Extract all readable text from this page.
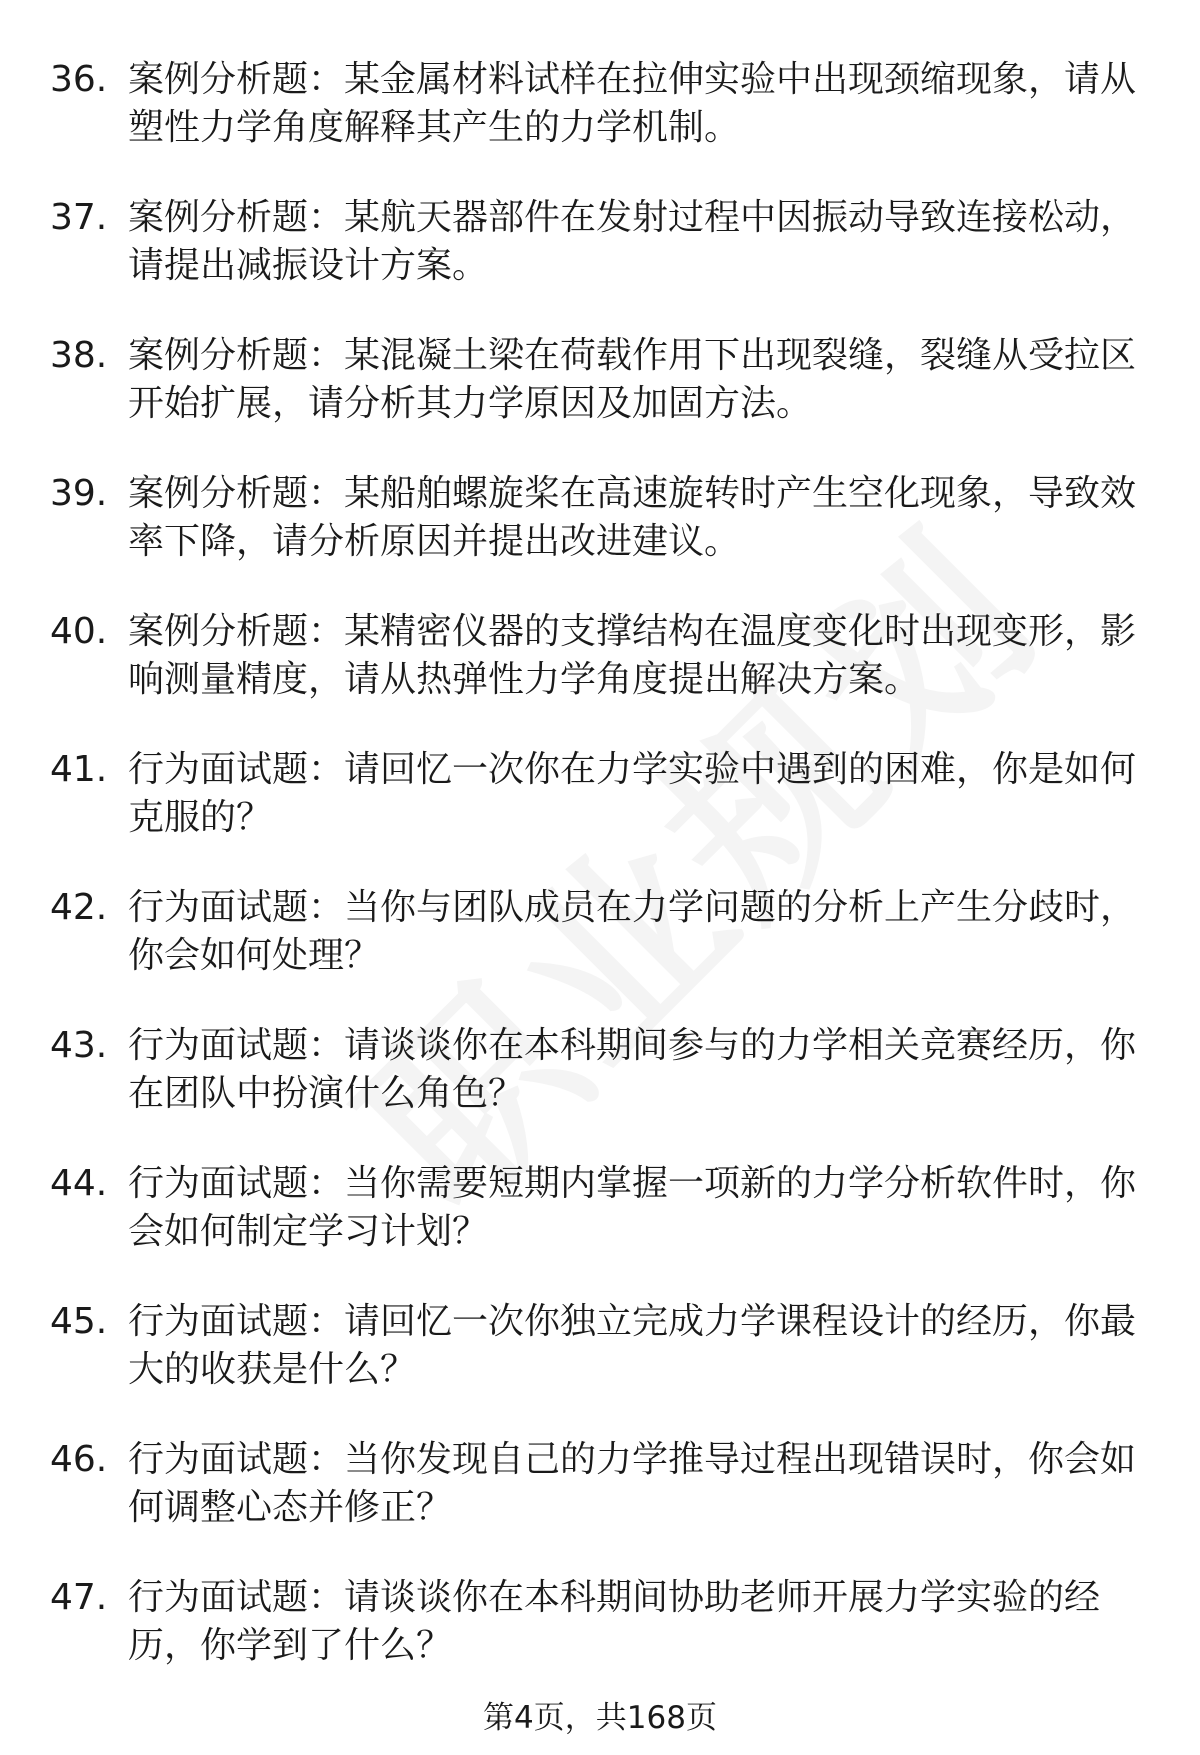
36. 案例分析题：某金属材料试样在拉伸实验中出现颈缩现象，请从塑性力学角度解释其产生的力学机制。
37. 案例分析题：某航天器部件在发射过程中因振动导致连接松动，请提出减振设计方案。
38. 案例分析题：某混凝土梁在荷载作用下出现裂缝，裂缝从受拉区开始扩展，请分析其力学原因及加固方法。
39. 案例分析题：某船舶螺旋桨在高速旋转时产生空化现象，导致效率下降，请分析原因并提出改进建议。
40. 案例分析题：某精密仪器的支撑结构在温度变化时出现变形，影响测量精度，请从热弹性力学角度提出解决方案。
41. 行为面试题：请回忆一次你在力学实验中遇到的困难，你是如何克服的？
42. 行为面试题：当你与团队成员在力学问题的分析上产生分歧时，你会如何处理？
43. 行为面试题：请谈谈你在本科期间参与的力学相关竞赛经历，你在团队中扮演什么角色？
44. 行为面试题：当你需要短期内掌握一项新的力学分析软件时，你会如何制定学习计划？
45. 行为面试题：请回忆一次你独立完成力学课程设计的经历，你最大的收获是什么？
46. 行为面试题：当你发现自己的力学推导过程出现错误时，你会如何调整心态并修正？
47. 行为面试题：请谈谈你在本科期间协助老师开展力学实验的经历，你学到了什么？
第4页，共168页
